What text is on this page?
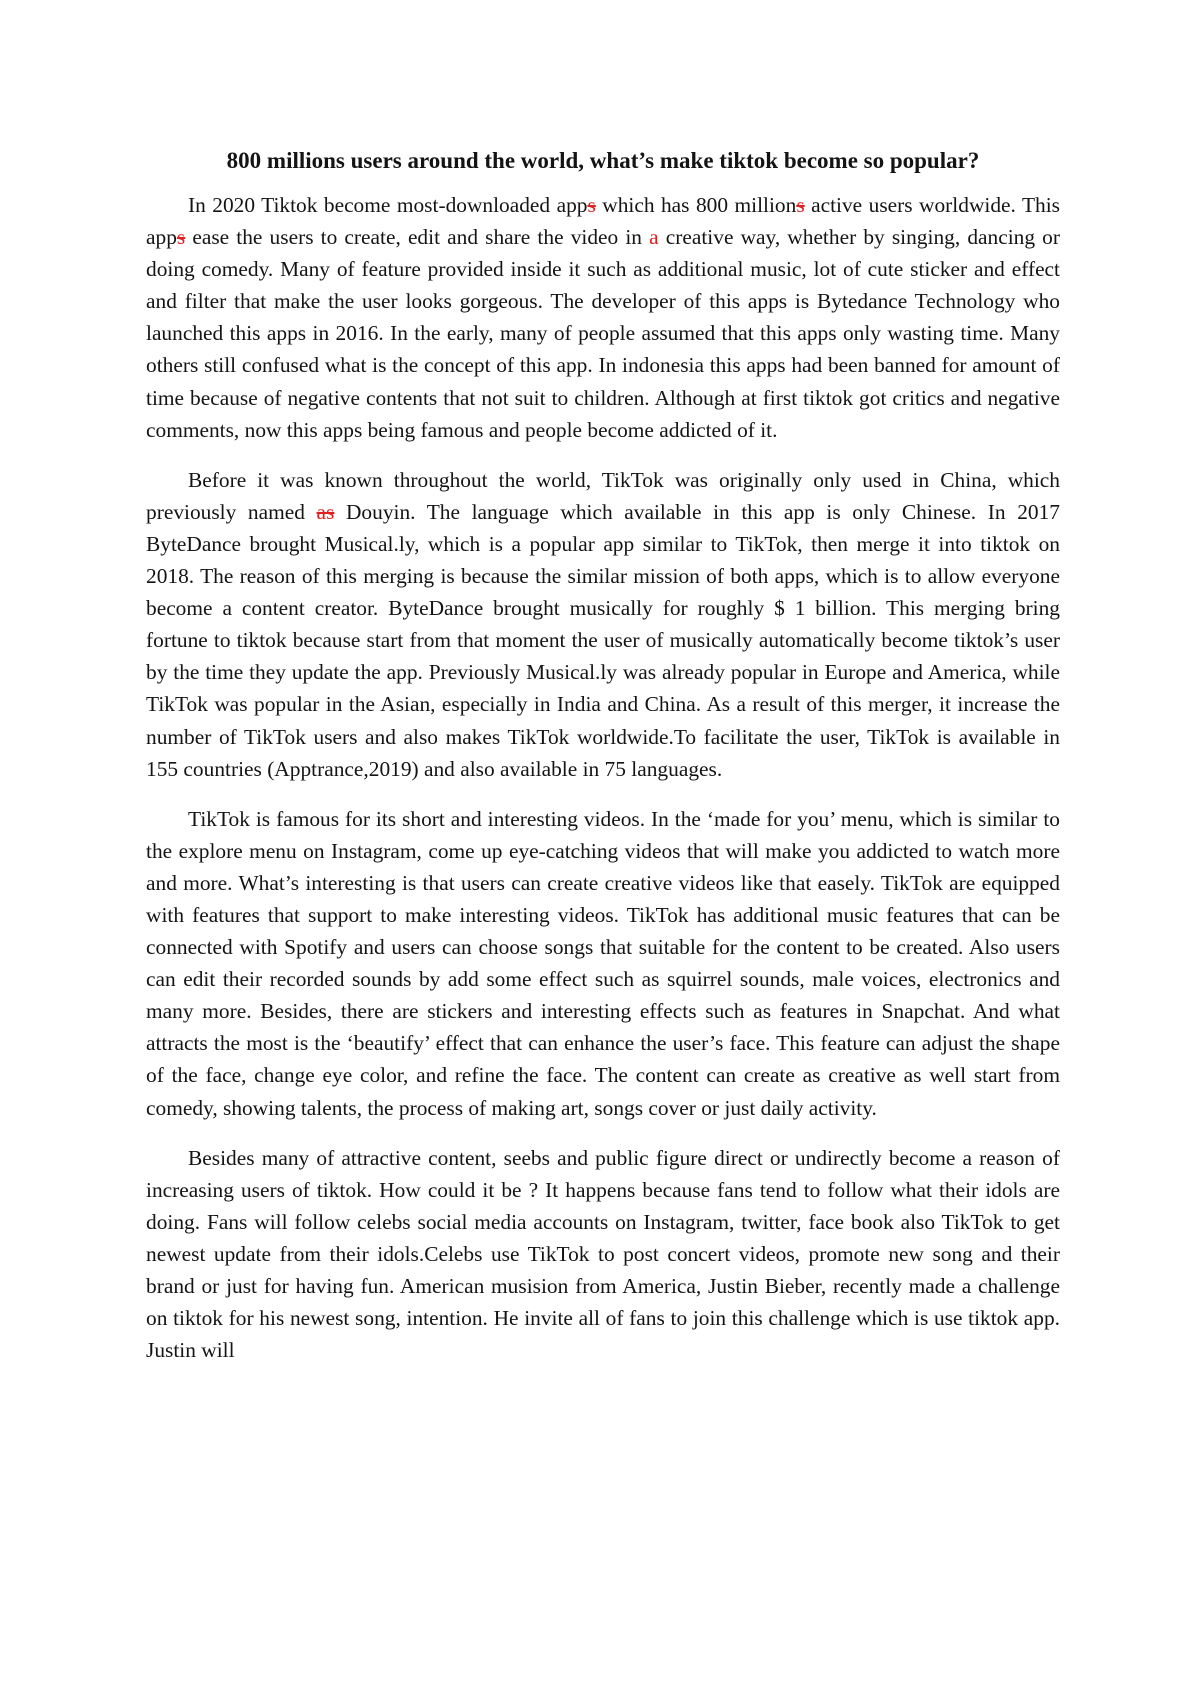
800 millions users around the world, what’s make tiktok become so popular?

In 2020 Tiktok become most-downloaded apps which has 800 millions active users worldwide. This apps ease the users to create, edit and share the video in a creative way, whether by singing, dancing or doing comedy. Many of feature provided inside it such as additional music, lot of cute sticker and effect and filter that make the user looks gorgeous. The developer of this apps is Bytedance Technology who launched this apps in 2016. In the early, many of people assumed that this apps only wasting time. Many others still confused what is the concept of this app. In indonesia this apps had been banned for amount of time because of negative contents that not suit to children. Although at first tiktok got critics and negative comments, now this apps being famous and people become addicted of it.

Before it was known throughout the world, TikTok was originally only used in China, which previously named as Douyin. The language which available in this app is only Chinese. In 2017 ByteDance brought Musical.ly, which is a popular app similar to TikTok, then merge it into tiktok on 2018. The reason of this merging is because the similar mission of both apps, which is to allow everyone become a content creator. ByteDance brought musically for roughly $ 1 billion. This merging bring fortune to tiktok because start from that moment the user of musically automatically become tiktok’s user by the time they update the app. Previously Musical.ly was already popular in Europe and America, while TikTok was popular in the Asian, especially in India and China. As a result of this merger, it increase the number of TikTok users and also makes TikTok worldwide.To facilitate the user, TikTok is available in 155 countries (Apptrance,2019) and also available in 75 languages.

TikTok is famous for its short and interesting videos. In the ‘made for you’ menu, which is similar to the explore menu on Instagram, come up eye-catching videos that will make you addicted to watch more and more. What’s interesting is that users can create creative videos like that easely. TikTok are equipped with features that support to make interesting videos. TikTok has additional music features that can be connected with Spotify and users can choose songs that suitable for the content to be created. Also users can edit their recorded sounds by add some effect such as squirrel sounds, male voices, electronics and many more. Besides, there are stickers and interesting effects such as features in Snapchat. And what attracts the most is the ‘beautify’ effect that can enhance the user’s face. This feature can adjust the shape of the face, change eye color, and refine the face. The content can create as creative as well start from comedy, showing talents, the process of making art, songs cover or just daily activity.

Besides many of attractive content, seebs and public figure direct or undirectly become a reason of increasing users of tiktok. How could it be ? It happens because fans tend to follow what their idols are doing. Fans will follow celebs social media accounts on Instagram, twitter, face book also TikTok to get newest update from their idols.Celebs use TikTok to post concert videos, promote new song and their brand or just for having fun. American musision from America, Justin Bieber, recently made a challenge on tiktok for his newest song, intention. He invite all of fans to join this challenge which is use tiktok app. Justin will
